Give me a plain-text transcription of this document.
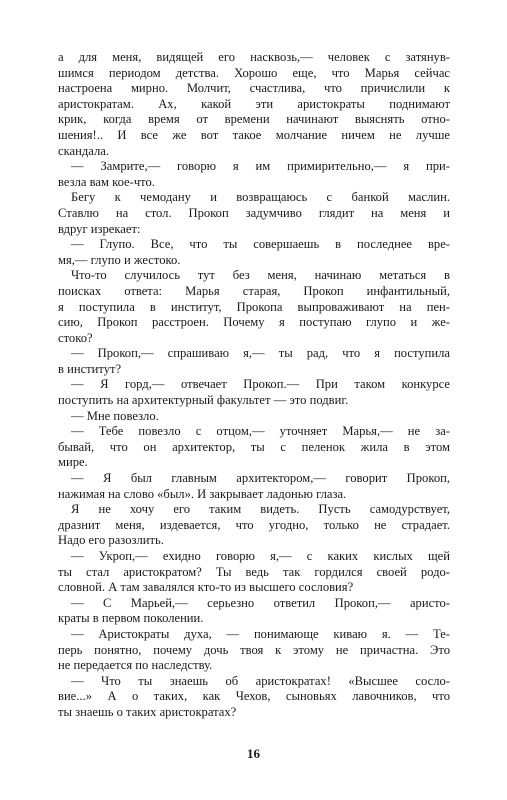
а для меня, видящей его насквозь,— человек с затянув-
шимся периодом детства. Хорошо еще, что Марья сейчас
настроена мирно. Молчит, счастлива, что причислили к
аристократам. Ах, какой эти аристократы поднимают
крик, когда время от времени начинают выяснять отно-
шения!.. И все же вот такое молчание ничем не лучше
скандала.
— Замрите,— говорю я им примирительно,— я при-
везла вам кое-что.
Бегу к чемодану и возвращаюсь с банкой маслин.
Ставлю на стол. Прокоп задумчиво глядит на меня и
вдруг изрекает:
— Глупо. Все, что ты совершаешь в последнее вре-
мя,— глупо и жестоко.
Что-то случилось тут без меня, начинаю метаться в
поисках ответа: Марья старая, Прокоп инфантильный,
я поступила в институт, Прокопа выпроваживают на пен-
сию, Прокоп расстроен. Почему я поступаю глупо и же-
стоко?
— Прокоп,— спрашиваю я,— ты рад, что я поступила
в институт?
— Я горд,— отвечает Прокоп.— При таком конкурсе
поступить на архитектурный факультет — это подвиг.
— Мне повезло.
— Тебе повезло с отцом,— уточняет Марья,— не за-
бывай, что он архитектор, ты с пеленок жила в этом
мире.
— Я был главным архитектором,— говорит Прокоп,
нажимая на слово «был». И закрывает ладонью глаза.
Я не хочу его таким видеть. Пусть самодурствует,
дразнит меня, издевается, что угодно, только не страдает.
Надо его разозлить.
— Укроп,— ехидно говорю я,— с каких кислых щей
ты стал аристократом? Ты ведь так гордился своей родо-
словной. А там завалялся кто-то из высшего сословия?
— С Марьей,— серьезно ответил Прокоп,— аристо-
краты в первом поколении.
— Аристократы духа, — понимающе киваю я. — Те-
перь понятно, почему дочь твоя к этому не причастна. Это
не передается по наследству.
— Что ты знаешь об аристократах! «Высшее сосло-
вие...» А о таких, как Чехов, сыновьях лавочников, что
ты знаешь о таких аристократах?
16
